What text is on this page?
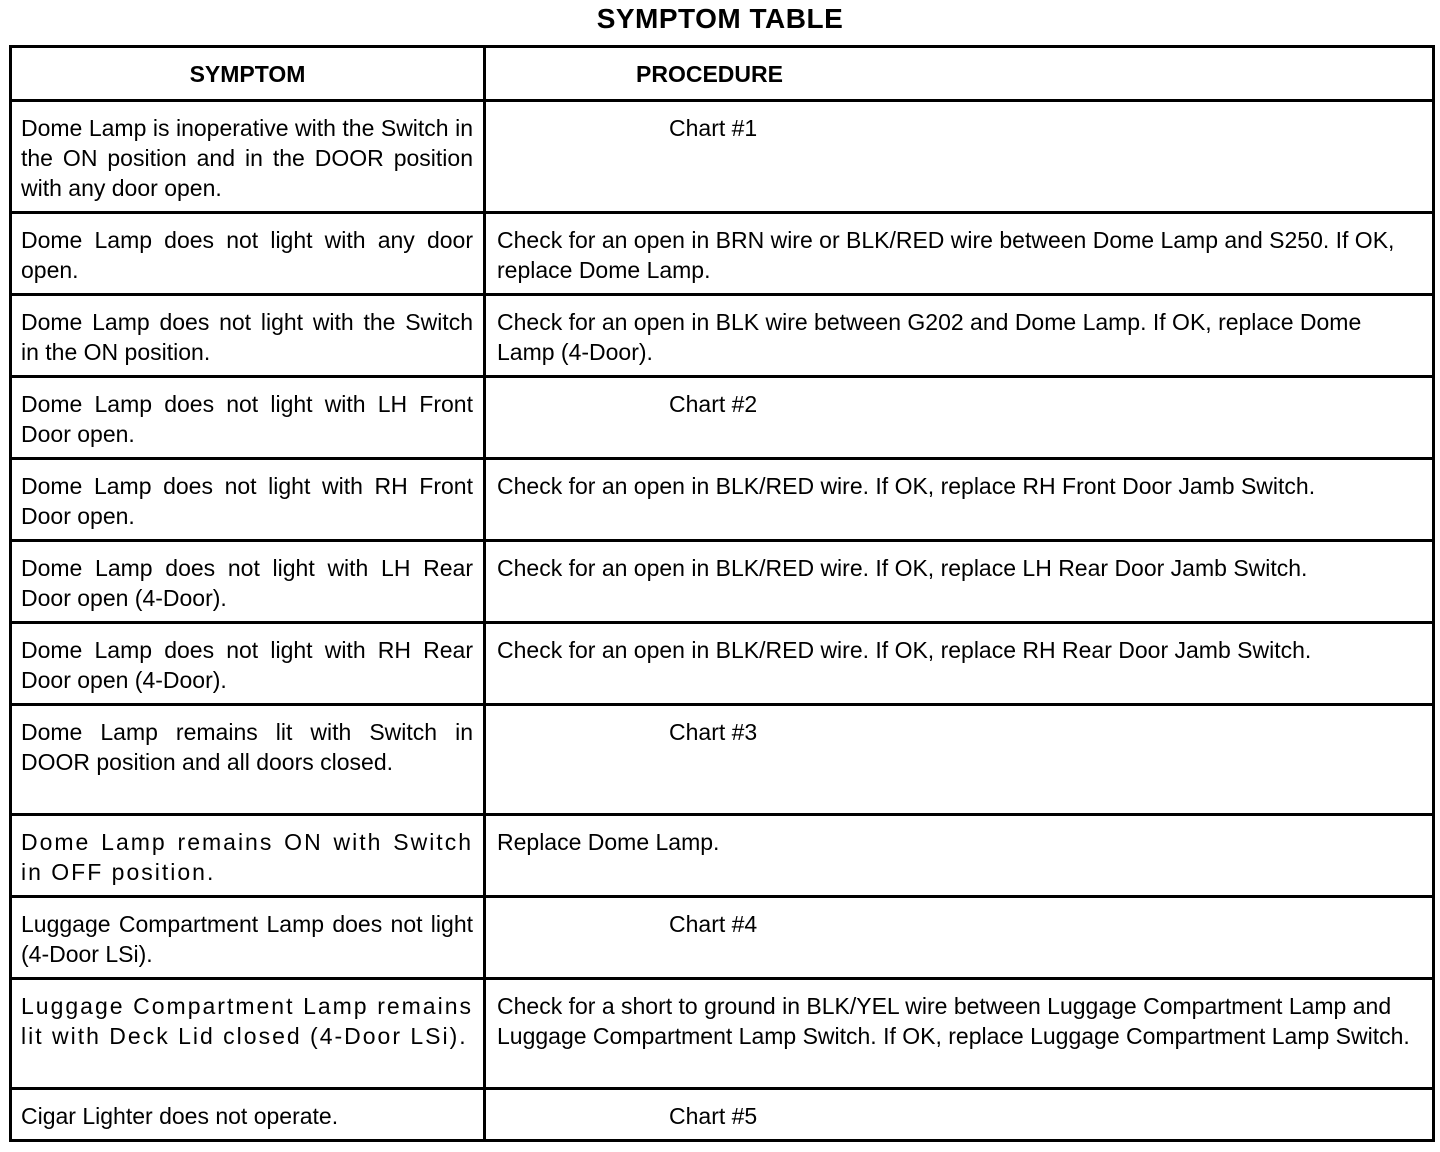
SYMPTOM TABLE
SYMPTOM	PROCEDURE
Dome Lamp is inoperative with the Switch in the ON position and in the DOOR position with any door open.	Chart #1
Dome Lamp does not light with any door open.	Check for an open in BRN wire or BLK/RED wire between Dome Lamp and S250. If OK, replace Dome Lamp.
Dome Lamp does not light with the Switch in the ON position.	Check for an open in BLK wire between G202 and Dome Lamp. If OK, replace Dome Lamp (4-Door).
Dome Lamp does not light with LH Front Door open.	Chart #2
Dome Lamp does not light with RH Front Door open.	Check for an open in BLK/RED wire. If OK, replace RH Front Door Jamb Switch.
Dome Lamp does not light with LH Rear Door open (4-Door).	Check for an open in BLK/RED wire. If OK, replace LH Rear Door Jamb Switch.
Dome Lamp does not light with RH Rear Door open (4-Door).	Check for an open in BLK/RED wire. If OK, replace RH Rear Door Jamb Switch.
Dome Lamp remains lit with Switch in DOOR position and all doors closed.	Chart #3
Dome Lamp remains ON with Switch in OFF position.	Replace Dome Lamp.
Luggage Compartment Lamp does not light (4-Door LSi).	Chart #4
Luggage Compartment Lamp remains lit with Deck Lid closed (4-Door LSi).	Check for a short to ground in BLK/YEL wire between Luggage Compartment Lamp and Luggage Compartment Lamp Switch. If OK, replace Luggage Compartment Lamp Switch.
Cigar Lighter does not operate.	Chart #5
